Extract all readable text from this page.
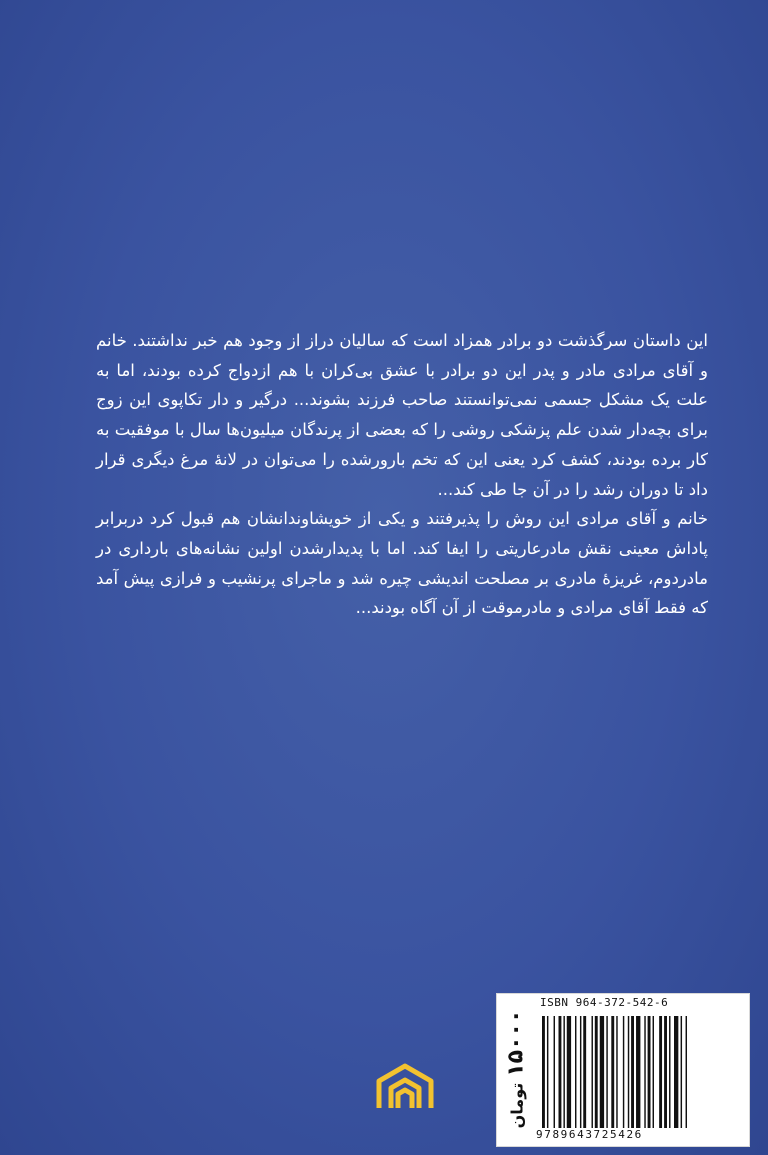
این داستان سرگذشت دو برادر همزاد است که سالیان دراز از وجود هم خبر نداشتند. خانم و آقای مرادی مادر و پدر این دو برادر با عشق بی‌کران با هم ازدواج کرده بودند، اما به علت یک مشکل جسمی نمی‌توانستند صاحب فرزند بشوند... درگیر و دار تکاپوی این زوج برای بچه‌دار شدن علم پزشکی روشی را که بعضی از پرندگان میلیون‌ها سال با موفقیت به کار برده بودند، کشف کرد یعنی این که تخم بارورشده را می‌توان در لانهٔ مرغ دیگری قرار داد تا دوران رشد را در آن جا طی کند...

خانم و آقای مرادی این روش را پذیرفتند و یکی از خویشاوندانشان هم قبول کرد دربرابر پاداش معینی نقش مادرعاریتی را ایفا کند. اما با پدیدارشدن اولین نشانه‌های بارداری در مادردوم، غریزهٔ مادری بر مصلحت اندیشی چیره شد و ماجرای پرنشیب و فرازی پیش آمد که فقط آقای مرادی و مادرموقت از آن آگاه بودند...

ISBN 964-372-542-6
۱۵۰۰۰تومان
9789643725426
